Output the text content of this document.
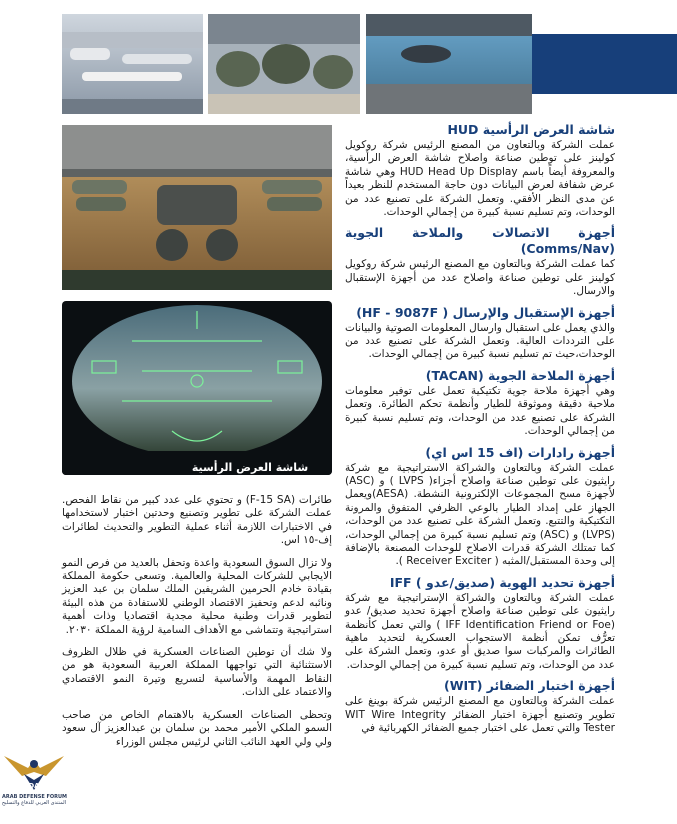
شاشة العرض الرأسية HUD
شاشة العرض الرأسية HUD

عملت الشركة وبالتعاون من المصنع الرئيس شركة روكويل كولينز على توطين صناعة واصلاح شاشة العرض الرأسية، والمعروفة أيضاً باسم HUD Head Up Display وهي شاشة عرض شفافة لعرض البيانات دون حاجة المستخدم للنظر بعيداً عن مدى النظر الأفقي. وتعمل الشركة على تصنيع عدد من الوحدات، وتم تسليم نسبة كبيرة من إجمالي الوحدات.

أجهزة الاتصالات والملاحة الجوية (Comms/Nav)

كما عملت الشركة وبالتعاون مع المصنع الرئيس شركة روكويل كولينز على توطين صناعة واصلاح عدد من أجهزة الإستقبال والارسال.

أجهزة الإستقبال والإرسال ( HF - 9087F)

والذي يعمل على استقبال وارسال المعلومات الصوتية والبيانات على الترددات العالية. وتعمل الشركة على تصنيع عدد من الوحدات،حيث تم تسليم نسبة كبيرة من إجمالي الوحدات.

أجهزة الملاحة الجوية (TACAN)

وهي أجهزة ملاحة جوية تكتيكية تعمل على توفير معلومات ملاحية دقيقة وموثوقة للطيار وأنظمة تحكم الطائرة. وتعمل الشركة على تصنيع عدد من الوحدات، وتم تسليم نسبة كبيرة من إجمالي الوحدات.

أجهزة رادارات (اف 15 اس اي)

عملت الشركة وبالتعاون والشراكة الاستراتيجية مع شركة رايثيون على توطين صناعة واصلاح أجزاء( LVPS ) و (ASC) لأجهزة مسح المجموعات الإلكترونية النشطة. (AESA)ويعمل الجهاز على إمداد الطيار بالوعي الظرفي المتفوق والمرونة التكتيكية والتتبع. وتعمل الشركة على تصنيع عدد من الوحدات، (LVPS) و (ASC) وتم تسليم نسبة كبيرة من إجمالي الوحدات، كما تمتلك الشركة قدرات الاصلاح للوحدات المصنعة بالإضافة إلى وحدة المستقبل/المثبه ( Receiver Exciter ).

أجهزة تحديد الهوية (صديق/عدو ) IFF

عملت الشركة وبالتعاون والشراكة الإستراتيجية مع شركة رايثيون على توطين صناعة واصلاح أجهزة تحديد صديق/ عدو (IFF Identification Friend or Foe ) والتي تعمل كأنظمة تعرُّف تمكن أنظمة الاستجواب العسكرية لتحديد ماهية الطائرات والمركبات سوا صديق أو عدو، وتعمل الشركة على عدد من الوحدات، وتم تسليم نسبة كبيرة من إجمالي الوحدات.

أجهزة اختبار الضفائر (WIT)

عملت الشركة وبالتعاون مع المصنع الرئيس شركة بوينغ على تطوير وتصنيع أجهزة اختبار الضفائر WIT Wire Integrity Tester والتي تعمل على اختبار جميع الضفائر الكهربائية في

طائرات (F-15 SA) و تحتوي على عدد كبير من نقاط الفحص. عملت الشركة على تطوير وتصنيع وحدتين اختبار لاستخدامها في الاختبارات اللازمة أثناء عملية التطوير والتحديث لطائرات إف-١٥ اس.

ولا تزال السوق السعودية واعدة وتحفل بالعديد من فرص النمو الايجابي للشركات المحلية والعالمية. وتسعى حكومة المملكة بقيادة خادم الحرمين الشريفين الملك سلمان بن عبد العزيز ونائبه لدعم وتحفيز الاقتصاد الوطني للاستفادة من هذه البيئة لتطوير قدرات وطنية محلية مجدية اقتصاديا وذات أهمية استراتيجية وتتماشى مع الأهداف السامية لرؤية المملكة ٢٠٣٠.

ولا شك أن توطين الصناعات العسكرية في ظلال الظروف الاستثنائية التي تواجهها المملكة العربية السعودية هو من النقاط المهمة والأساسية لتسريع وتيرة النمو الاقتصادي والاعتماد على الذات.

وتحظى الصناعات العسكرية بالاهتمام الخاص من صاحب السمو الملكي الأمير محمد بن سلمان بن عبدالعزيز آل سعود ولي ولي العهد النائب الثاني لرئيس مجلس الوزراء

DA
ARAB DEFENSE FORUM
المنتدى العربي للدفاع والتسليح
